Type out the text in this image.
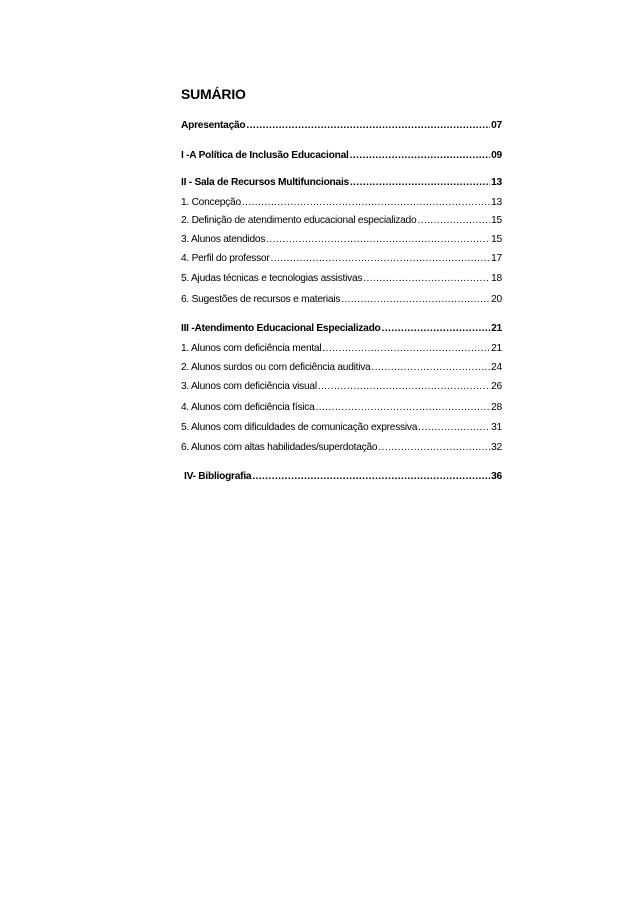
SUMÁRIO
Apresentação .....	07
I -A Política de Inclusão Educacional .....	09
II - Sala de Recursos Multifuncionais .....	13
1. Concepção .....	13
2. Definição de atendimento educacional especializado .....	15
3. Alunos atendidos .....	15
4. Perfil do professor .....	17
5. Ajudas técnicas e tecnologias assistivas .....	18
6. Sugestões de recursos e materiais .....	20
III -Atendimento Educacional Especializado .....	21
1. Alunos com deficiência mental .....	21
2. Alunos surdos ou com deficiência auditiva .....	24
3. Alunos com deficiência visual .....	26
4. Alunos com deficiência física .....	28
5. Alunos com dificuldades de comunicação expressiva .....	31
6. Alunos com altas habilidades/superdotação .....	32
IV- Bibliografia .....	36
